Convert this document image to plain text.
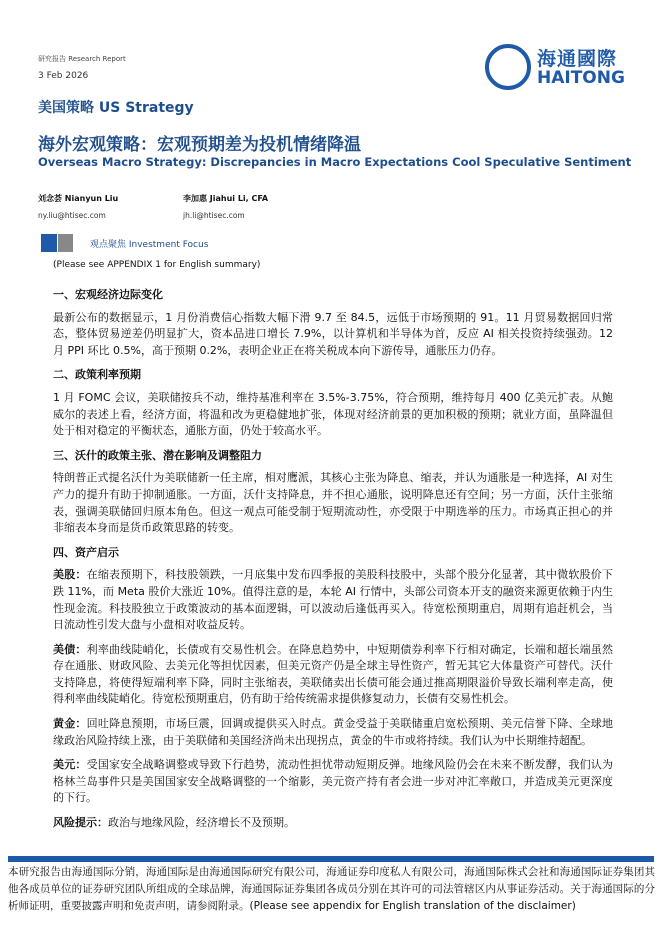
研究报告 Research Report
3 Feb 2026
海通國際
HAITONG
美国策略 US Strategy
海外宏观策略：宏观预期差为投机情绪降温
Overseas Macro Strategy: Discrepancies in Macro Expectations Cool Speculative Sentiment
刘念荟 Nianyun Liu
ny.liu@htisec.com
李加惠 Jiahui Li, CFA
jh.li@htisec.com
观点聚焦 Investment Focus
(Please see APPENDIX 1 for English summary)
一、宏观经济边际变化

最新公布的数据显示，1 月份消费信心指数大幅下滑 9.7 至 84.5，远低于市场预期的 91。11 月贸易数据回归常态，整体贸易逆差仍明显扩大，资本品进口增长 7.9%，以计算机和半导体为首，反应 AI 相关投资持续强劲。12 月 PPI 环比 0.5%，高于预期 0.2%，表明企业正在将关税成本向下游传导，通胀压力仍存。

二、政策利率预期

1 月 FOMC 会议，美联储按兵不动，维持基准利率在 3.5%-3.75%，符合预期，维持每月 400 亿美元扩表。从鲍威尔的表述上看，经济方面，将温和改为更稳健地扩张，体现对经济前景的更加积极的预期；就业方面，虽降温但处于相对稳定的平衡状态，通胀方面，仍处于较高水平。

三、沃什的政策主张、潜在影响及调整阻力

特朗普正式提名沃什为美联储新一任主席，相对鹰派，其核心主张为降息、缩表，并认为通胀是一种选择，AI 对生产力的提升有助于抑制通胀。一方面，沃什支持降息，并不担心通胀，说明降息还有空间；另一方面，沃什主张缩表，强调美联储回归原本角色。但这一观点可能受制于短期流动性，亦受限于中期选举的压力。市场真正担心的并非缩表本身而是货币政策思路的转变。

四、资产启示

美股：在缩表预期下，科技股领跌，一月底集中发布四季报的美股科技股中，头部个股分化显著，其中微软股价下跌 11%，而 Meta 股价大涨近 10%。值得注意的是，本轮 AI 行情中，头部公司资本开支的融资来源更依赖于内生性现金流。科技股独立于政策波动的基本面逻辑，可以波动后逢低再买入。待宽松预期重启，周期有追赶机会，当日流动性引发大盘与小盘相对收益反转。

美债：利率曲线陡峭化，长债或有交易性机会。在降息趋势中，中短期债券利率下行相对确定，长端和超长端虽然存在通胀、财政风险、去美元化等担忧因素，但美元资产仍是全球主导性资产，暂无其它大体量资产可替代。沃什支持降息，将使得短端利率下降，同时主张缩表，美联储卖出长债可能会通过推高期限溢价导致长端利率走高，使得利率曲线陡峭化。待宽松预期重启，仍有助于给传统需求提供修复动力，长债有交易性机会。

黄金：回吐降息预期，市场巨震，回调或提供买入时点。黄金受益于美联储重启宽松预期、美元信誉下降、全球地缘政治风险持续上涨，由于美联储和美国经济尚未出现拐点，黄金的牛市或将持续。我们认为中长期维持超配。

美元：受国家安全战略调整或导致下行趋势，流动性担忧带动短期反弹。地缘风险仍会在未来不断发酵，我们认为格林兰岛事件只是美国国家安全战略调整的一个缩影，美元资产持有者会进一步对冲汇率敞口，并造成美元更深度的下行。

风险提示：政治与地缘风险，经济增长不及预期。

本研究报告由海通国际分销，海通国际是由海通国际研究有限公司，海通证券印度私人有限公司，海通国际株式会社和海通国际证券集团其他各成员单位的证券研究团队所组成的全球品牌，海通国际证券集团各成员分别在其许可的司法管辖区内从事证券活动。关于海通国际的分析师证明，重要披露声明和免责声明，请参阅附录。(Please see appendix for English translation of the disclaimer)
